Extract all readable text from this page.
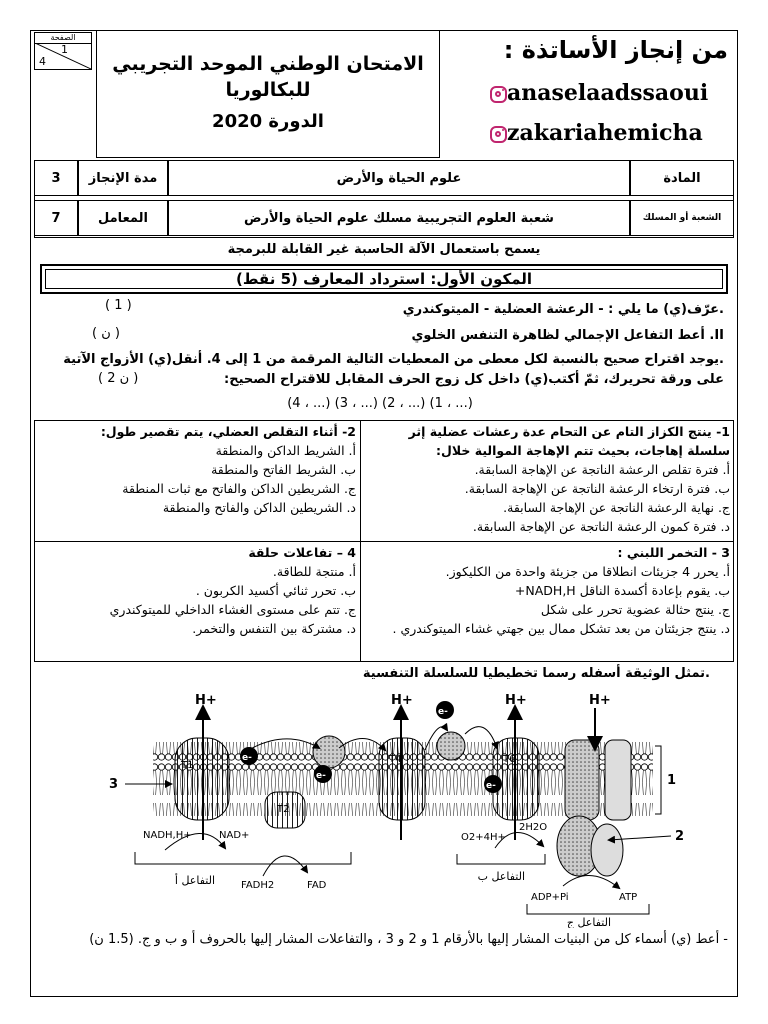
الصفحة
1
4	الامتحان الوطني الموحد التجريبي
للبكالوريا
الدورة 2020
من إنجاز الأساتذة :
anaselaadssaoui
zakariahemicha
3	مدة الإنجاز	علوم الحياة والأرض	المادة
7	المعامل	شعبة العلوم التجريبية مسلك علوم الحياة والأرض	الشعبة أو المسلك
يسمح باستعمال الآلة الحاسبة غير القابلة للبرمجة
المكون الأول: استرداد المعارف (5 نقط)
.عرّف(ي) ما يلي : - الرعشة العضلية - الميتوكندري
( 1 )
II. أعط التفاعل الإجمالي لظاهرة التنفس الخلوي
( ن )
.يوجد اقتراح صحيح بالنسبة لكل معطى من المعطيات التالية المرقمة من 1 إلى 4. أنقل(ي) الأزواج الآتية
على ورقة تحريرك، ثمّ أكتب(ي) داخل كل زوج الحرف المقابل للاقتراح الصحيح:
( 2 ن )
(... ، 1) (... ، 2) (... ، 3) (... ، 4)
1- ينتج الكزاز التام عن التحام عدة رعشات عضلية إثر سلسلة إهاجات، بحيث تتم الإهاجة الموالية خلال:
أ. فترة تقلص الرعشة الناتجة عن الإهاجة السابقة.
ب. فترة ارتخاء الرعشة الناتجة عن الإهاجة السابقة.
ج. نهاية الرعشة الناتجة عن الإهاجة السابقة.
د. فترة كمون الرعشة الناتجة عن الإهاجة السابقة.
2- أثناء التقلص العضلي، يتم تقصير طول:
أ. الشريط الداكن والمنطقة
ب. الشريط الفاتح والمنطقة
ج. الشريطين الداكن والفاتح مع ثبات المنطقة
د. الشريطين الداكن والفاتح والمنطقة
3 - التخمر اللبني :
أ. يحرر 4 جزيئات انطلاقا من جزيئة واحدة من الكليكوز.
ب. يقوم بإعادة أكسدة الناقل NADH,H+
ج. ينتج حثالة عضوية تحرر على شكل
د. ينتج جزيئتان من بعد تشكل ممال بين جهتي غشاء الميتوكندري .
4 – تفاعلات حلقة
أ. منتجة للطاقة.
ب. تحرر ثنائي أكسيد الكربون .
ج. تتم على مستوى الغشاء الداخلي للميتوكندري
د. مشتركة بين التنفس والتخمر.
.تمثل الوثيقة أسفله رسما تخطيطيا للسلسلة التنفسية
H+	H+	H+	H+
e-
e-
e-
e-
T1
T2
T4	T6
NADH,H+	NAD+
FADH2	FAD
O2+4H+
2H2O
ADP+Pi	ATP
التفاعل أ	التفاعل ب
التفاعل ج
1
2
3
- أعط (ي) أسماء كل من البنيات المشار إليها بالأرقام 1 و 2 و 3 ، والتفاعلات المشار إليها بالحروف أ و ب و ج. (1.5 ن)
